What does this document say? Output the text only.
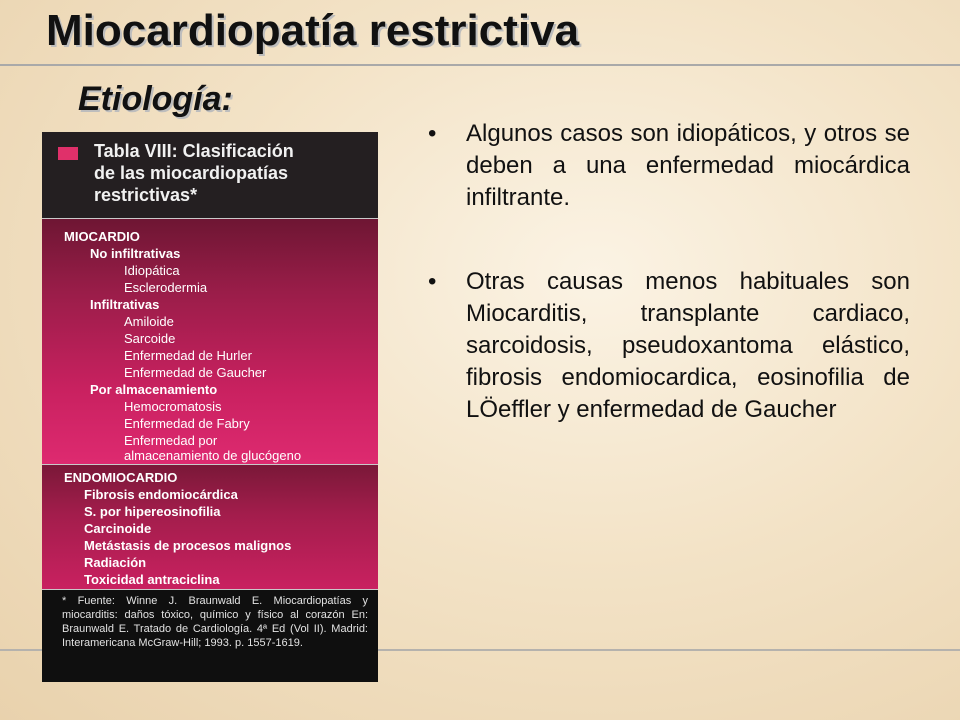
Miocardiopatía restrictiva
Etiología:
Tabla VIII: Clasificación
de las miocardiopatías
restrictivas*
MIOCARDIO
No infiltrativas
Idiopática
Esclerodermia
Infiltrativas
Amiloide
Sarcoide
Enfermedad de Hurler
Enfermedad de Gaucher
Por almacenamiento
Hemocromatosis
Enfermedad de Fabry
Enfermedad por
almacenamiento de glucógeno
ENDOMIOCARDIO
Fibrosis endomiocárdica
S. por hipereosinofilia
Carcinoide
Metástasis de procesos malignos
Radiación
Toxicidad antraciclina
* Fuente: Winne J. Braunwald E. Miocardiopatías y miocarditis: daños tóxico, químico y físico al corazón En: Braunwald E. Tratado de Cardiología. 4ª Ed (Vol II). Madrid: Interamericana McGraw-Hill; 1993. p. 1557-1619.
• Algunos casos son idiopáticos, y otros se deben a una enfermedad miocárdica infiltrante.
• Otras causas menos habituales son Miocarditis, transplante cardiaco, sarcoidosis, pseudoxantoma elástico, fibrosis endomiocardica, eosinofilia de LÖeffler y enfermedad de Gaucher
